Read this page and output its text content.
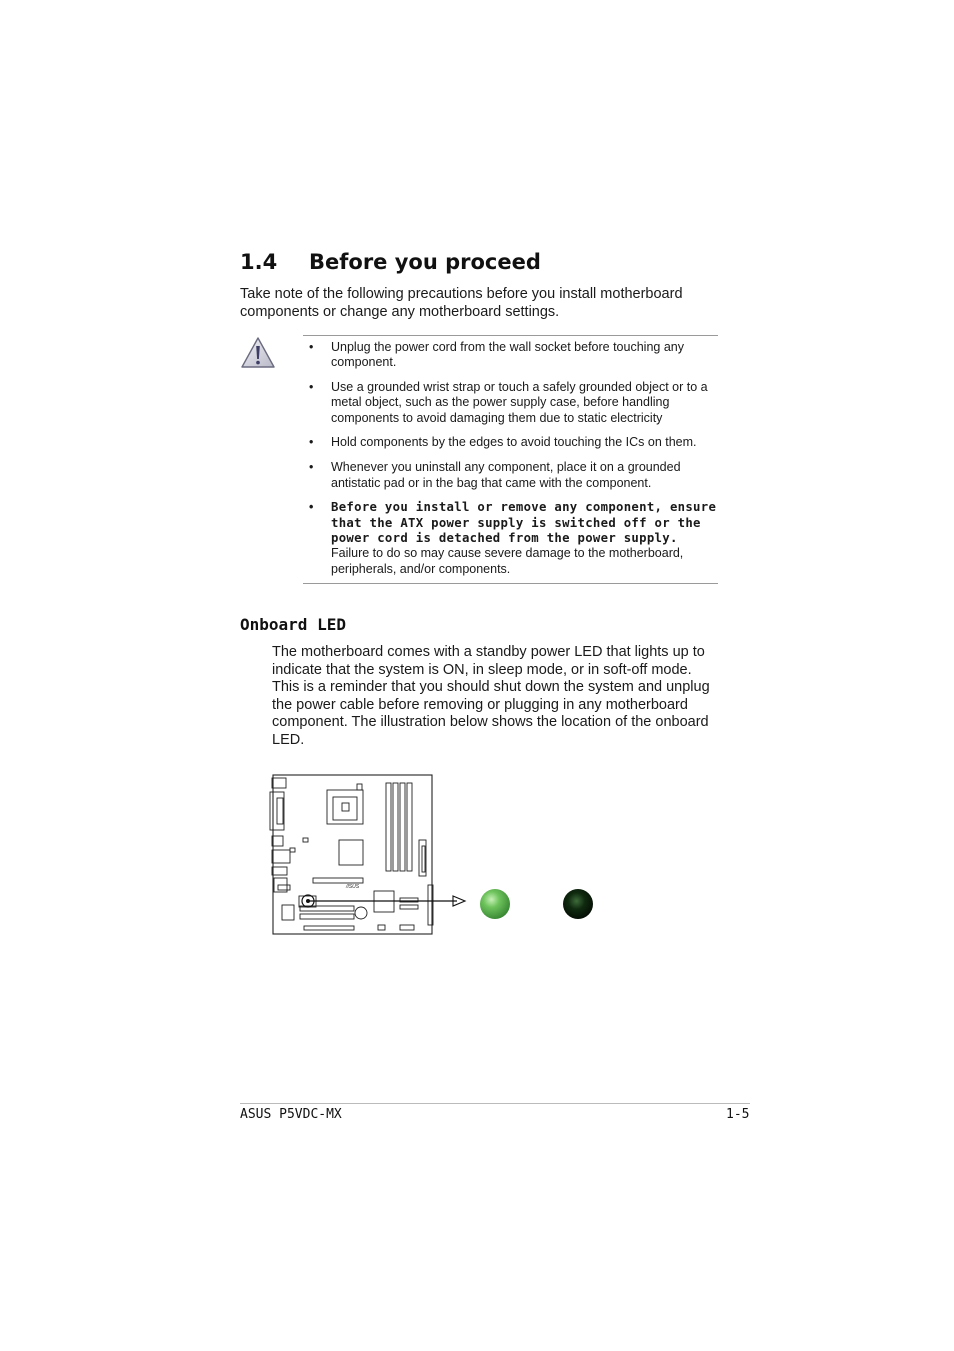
1.4 Before you proceed

Take note of the following precautions before you install motherboard components or change any motherboard settings.

• Unplug the power cord from the wall socket before touching any component.
• Use a grounded wrist strap or touch a safely grounded object or to a metal object, such as the power supply case, before handling components to avoid damaging them due to static electricity
• Hold components by the edges to avoid touching the ICs on them.
• Whenever you uninstall any component, place it on a grounded antistatic pad or in the bag that came with the component.
• Before you install or remove any component, ensure that the ATX power supply is switched off or the power cord is detached from the power supply. Failure to do so may cause severe damage to the motherboard, peripherals, and/or components.
Onboard LED

The motherboard comes with a standby power LED that lights up to indicate that the system is ON, in sleep mode, or in soft-off mode. This is a reminder that you should shut down the system and unplug the power cable before removing or plugging in any motherboard component. The illustration below shows the location of the onboard LED.

/ISUS
ASUS P5VDC-MX	1-5
